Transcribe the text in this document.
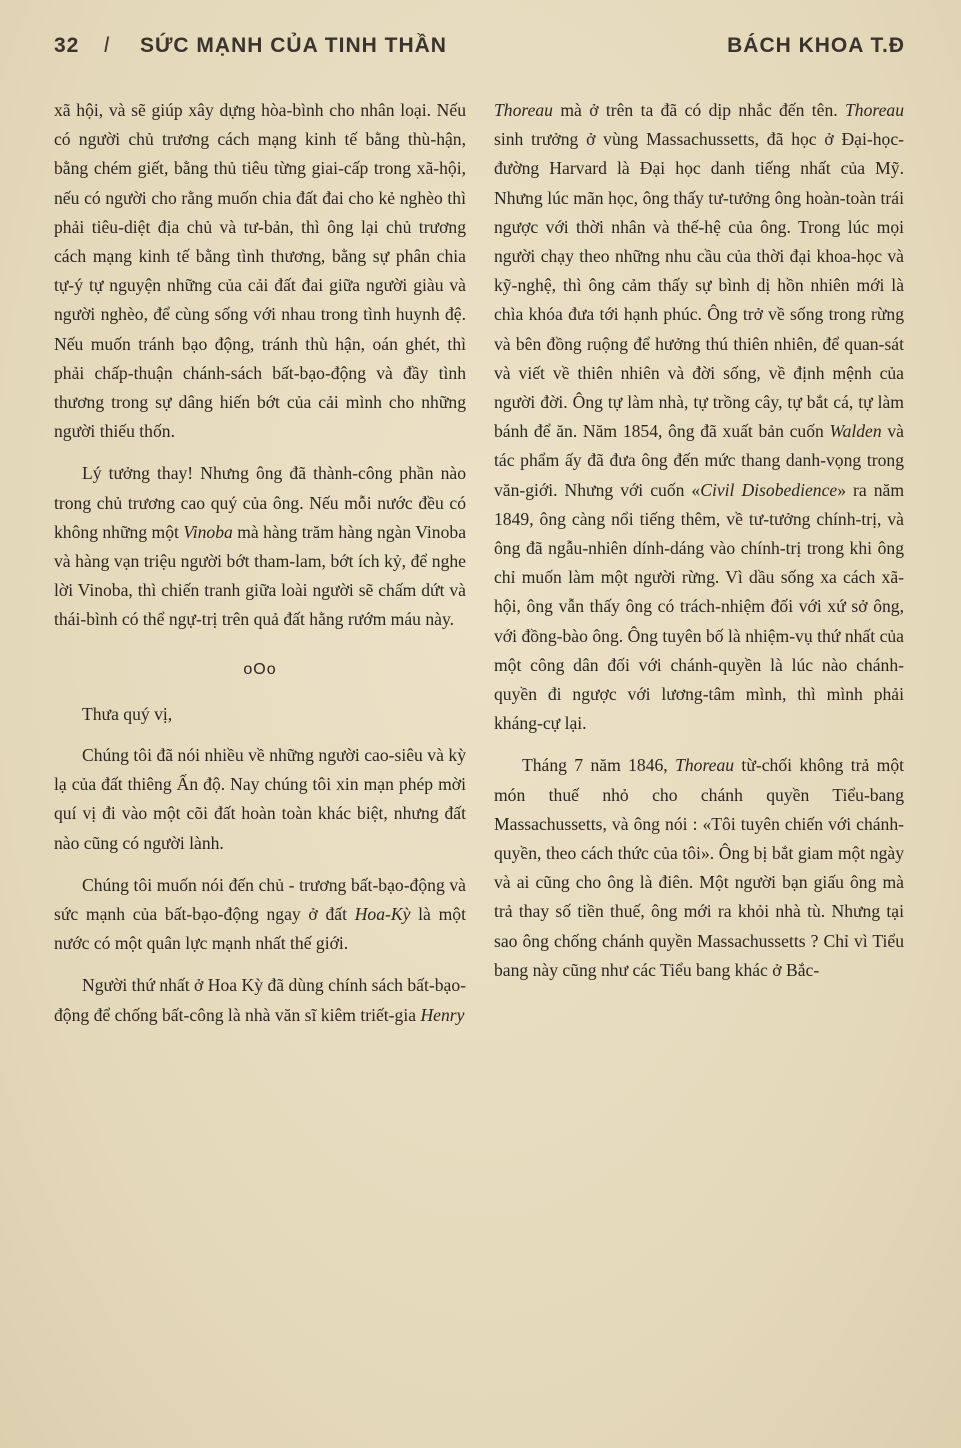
32 l SỨC MẠNH CỦA TINH THẦN	BÁCH KHOA T.Đ

xã hội, và sẽ giúp xây dựng hòa-bình cho nhân loại. Nếu có người chủ trương cách mạng kinh tế bằng thù-hận, bằng chém giết, bằng thủ tiêu từng giai-cấp trong xã-hội, nếu có người cho rằng muốn chia đất đai cho kẻ nghèo thì phải tiêu-diệt địa chủ và tư-bản, thì ông lại chủ trương cách mạng kinh tế bằng tình thương, bằng sự phân chia tự-ý tự nguyện những của cải đất đai giữa người giàu và người nghèo, để cùng sống với nhau trong tình huynh đệ. Nếu muốn tránh bạo động, tránh thù hận, oán ghét, thì phải chấp-thuận chánh-sách bất-bạo-động và đầy tình thương trong sự dâng hiến bớt của cải mình cho những người thiếu thốn.

Lý tưởng thay! Nhưng ông đã thành-công phần nào trong chủ trương cao quý của ông. Nếu mỗi nước đều có không những một Vinoba mà hàng trăm hàng ngàn Vinoba và hàng vạn triệu người bớt tham-lam, bớt ích kỷ, để nghe lời Vinoba, thì chiến tranh giữa loài người sẽ chấm dứt và thái-bình có thể ngự-trị trên quả đất hằng rướm máu này.

oOo

Thưa quý vị,

Chúng tôi đã nói nhiều về những người cao-siêu và kỳ lạ của đất thiêng Ấn độ. Nay chúng tôi xin mạn phép mời quí vị đi vào một cõi đất hoàn toàn khác biệt, nhưng đất nào cũng có người lành.

Chúng tôi muốn nói đến chủ - trương bất-bạo-động và sức mạnh của bất-bạo-động ngay ở đất Hoa-Kỳ là một nước có một quân lực mạnh nhất thế giới.

Người thứ nhất ở Hoa Kỳ đã dùng chính sách bất-bạo-động để chống bất-công là nhà văn sĩ kiêm triết-gia Henry

Thoreau mà ở trên ta đã có dịp nhắc đến tên. Thoreau sinh trưởng ở vùng Massachussetts, đã học ở Đại-học-đường Harvard là Đại học danh tiếng nhất của Mỹ. Nhưng lúc mãn học, ông thấy tư-tưởng ông hoàn-toàn trái ngược với thời nhân và thế-hệ của ông. Trong lúc mọi người chạy theo những nhu cầu của thời đại khoa-học và kỹ-nghệ, thì ông cảm thấy sự bình dị hồn nhiên mới là chìa khóa đưa tới hạnh phúc. Ông trở về sống trong rừng và bên đồng ruộng để hưởng thú thiên nhiên, để quan-sát và viết về thiên nhiên và đời sống, về định mệnh của người đời. Ông tự làm nhà, tự trồng cây, tự bắt cá, tự làm bánh để ăn. Năm 1854, ông đã xuất bản cuốn Walden và tác phẩm ấy đã đưa ông đến mức thang danh-vọng trong văn-giới. Nhưng với cuốn «Civil Disobedience» ra năm 1849, ông càng nổi tiếng thêm, về tư-tưởng chính-trị, và ông đã ngẫu-nhiên dính-dáng vào chính-trị trong khi ông chỉ muốn làm một người rừng. Vì dầu sống xa cách xã-hội, ông vẫn thấy ông có trách-nhiệm đối với xứ sở ông, với đồng-bào ông. Ông tuyên bố là nhiệm-vụ thứ nhất của một công dân đối với chánh-quyền là lúc nào chánh-quyền đi ngược với lương-tâm mình, thì mình phải kháng-cự lại.

Tháng 7 năm 1846, Thoreau từ-chối không trả một món thuế nhỏ cho chánh quyền Tiểu-bang Massachussetts, và ông nói : «Tôi tuyên chiến với chánh-quyền, theo cách thức của tôi». Ông bị bắt giam một ngày và ai cũng cho ông là điên. Một người bạn giấu ông mà trả thay số tiền thuế, ông mới ra khỏi nhà tù. Nhưng tại sao ông chống chánh quyền Massachussetts ? Chỉ vì Tiểu bang này cũng như các Tiểu bang khác ở Bắc-
